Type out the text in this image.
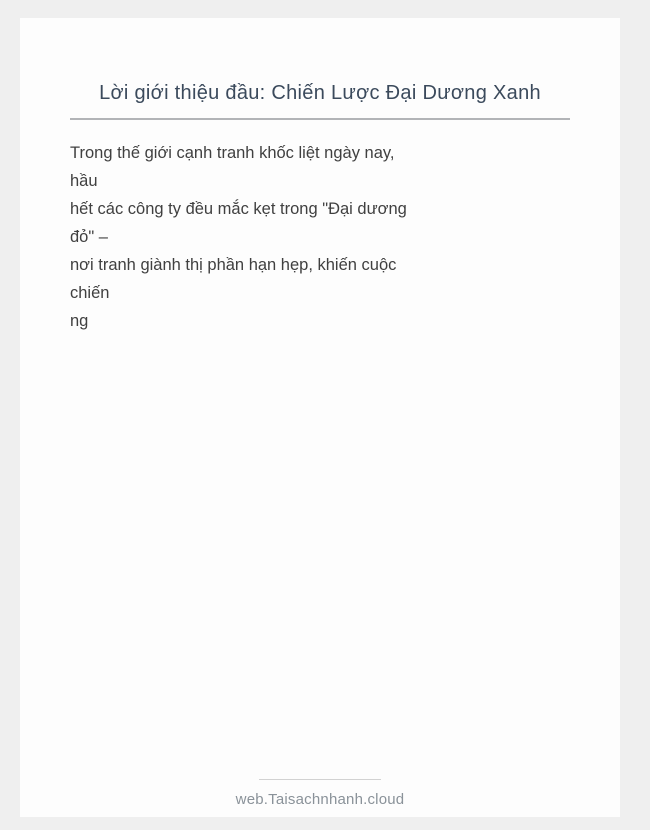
Lời giới thiệu đầu: Chiến Lược Đại Dương Xanh
Trong thế giới cạnh tranh khốc liệt ngày nay,
hầu
hết các công ty đều mắc kẹt trong "Đại dương
đỏ" –
nơi tranh giành thị phần hạn hẹp, khiến cuộc
chiến
ng
web.Taisachnhanh.cloud
